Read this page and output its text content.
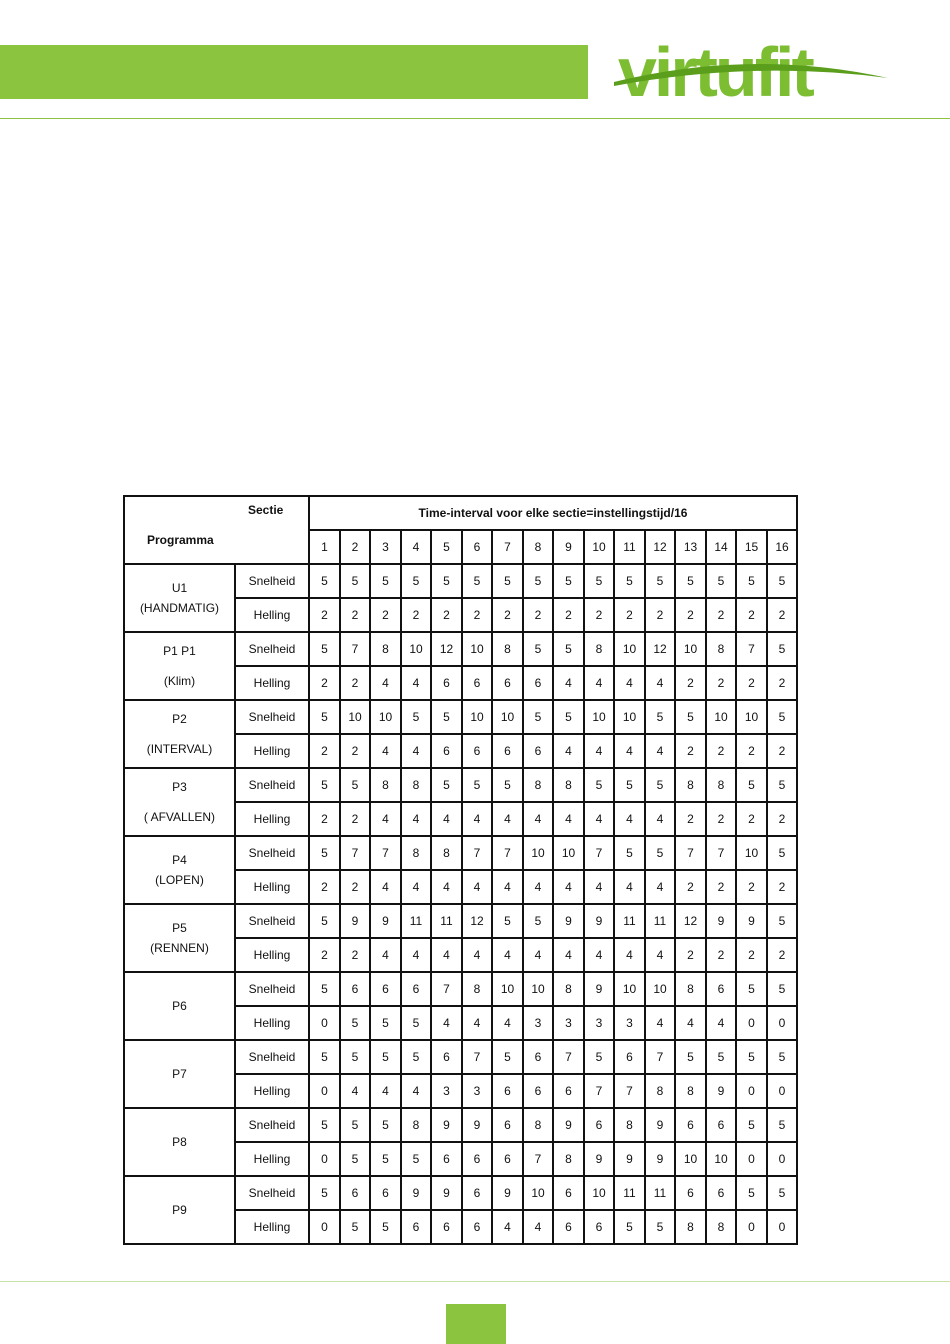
virtufit
Sectie
Programma		Time-interval voor elke sectie=instellingstijd/16															
		1	2	3	4	5	6	7	8	9	10	11	12	13	14	15	16

U1
(HANDMATIG)	Snelheid	5	5	5	5	5	5	5	5	5	5	5	5	5	5	5	5
	Helling	2	2	2	2	2	2	2	2	2	2	2	2	2	2	2	2

P1 P1
(Klim)	Snelheid	5	7	8	10	12	10	8	5	5	8	10	12	10	8	7	5
	Helling	2	2	4	4	6	6	6	6	4	4	4	4	2	2	2	2

P2
(INTERVAL)	Snelheid	5	10	10	5	5	10	10	5	5	10	10	5	5	10	10	5
	Helling	2	2	4	4	6	6	6	6	4	4	4	4	2	2	2	2

P3
( AFVALLEN)	Snelheid	5	5	8	8	5	5	5	8	8	5	5	5	8	8	5	5
	Helling	2	2	4	4	4	4	4	4	4	4	4	4	2	2	2	2

P4
(LOPEN)	Snelheid	5	7	7	8	8	7	7	10	10	7	5	5	7	7	10	5
	Helling	2	2	4	4	4	4	4	4	4	4	4	4	2	2	2	2

P5
(RENNEN)	Snelheid	5	9	9	11	11	12	5	5	9	9	11	11	12	9	9	5
	Helling	2	2	4	4	4	4	4	4	4	4	4	4	2	2	2	2

P6	Snelheid	5	6	6	6	7	8	10	10	8	9	10	10	8	6	5	5
	Helling	0	5	5	5	4	4	4	3	3	3	3	4	4	4	0	0

P7	Snelheid	5	5	5	5	6	7	5	6	7	5	6	7	5	5	5	5
	Helling	0	4	4	4	3	3	6	6	6	7	7	8	8	9	0	0

P8	Snelheid	5	5	5	8	9	9	6	8	9	6	8	9	6	6	5	5
	Helling	0	5	5	5	6	6	6	7	8	9	9	9	10	10	0	0

P9	Snelheid	5	6	6	9	9	6	9	10	6	10	11	11	6	6	5	5
	Helling	0	5	5	6	6	6	4	4	6	6	5	5	8	8	0	0
